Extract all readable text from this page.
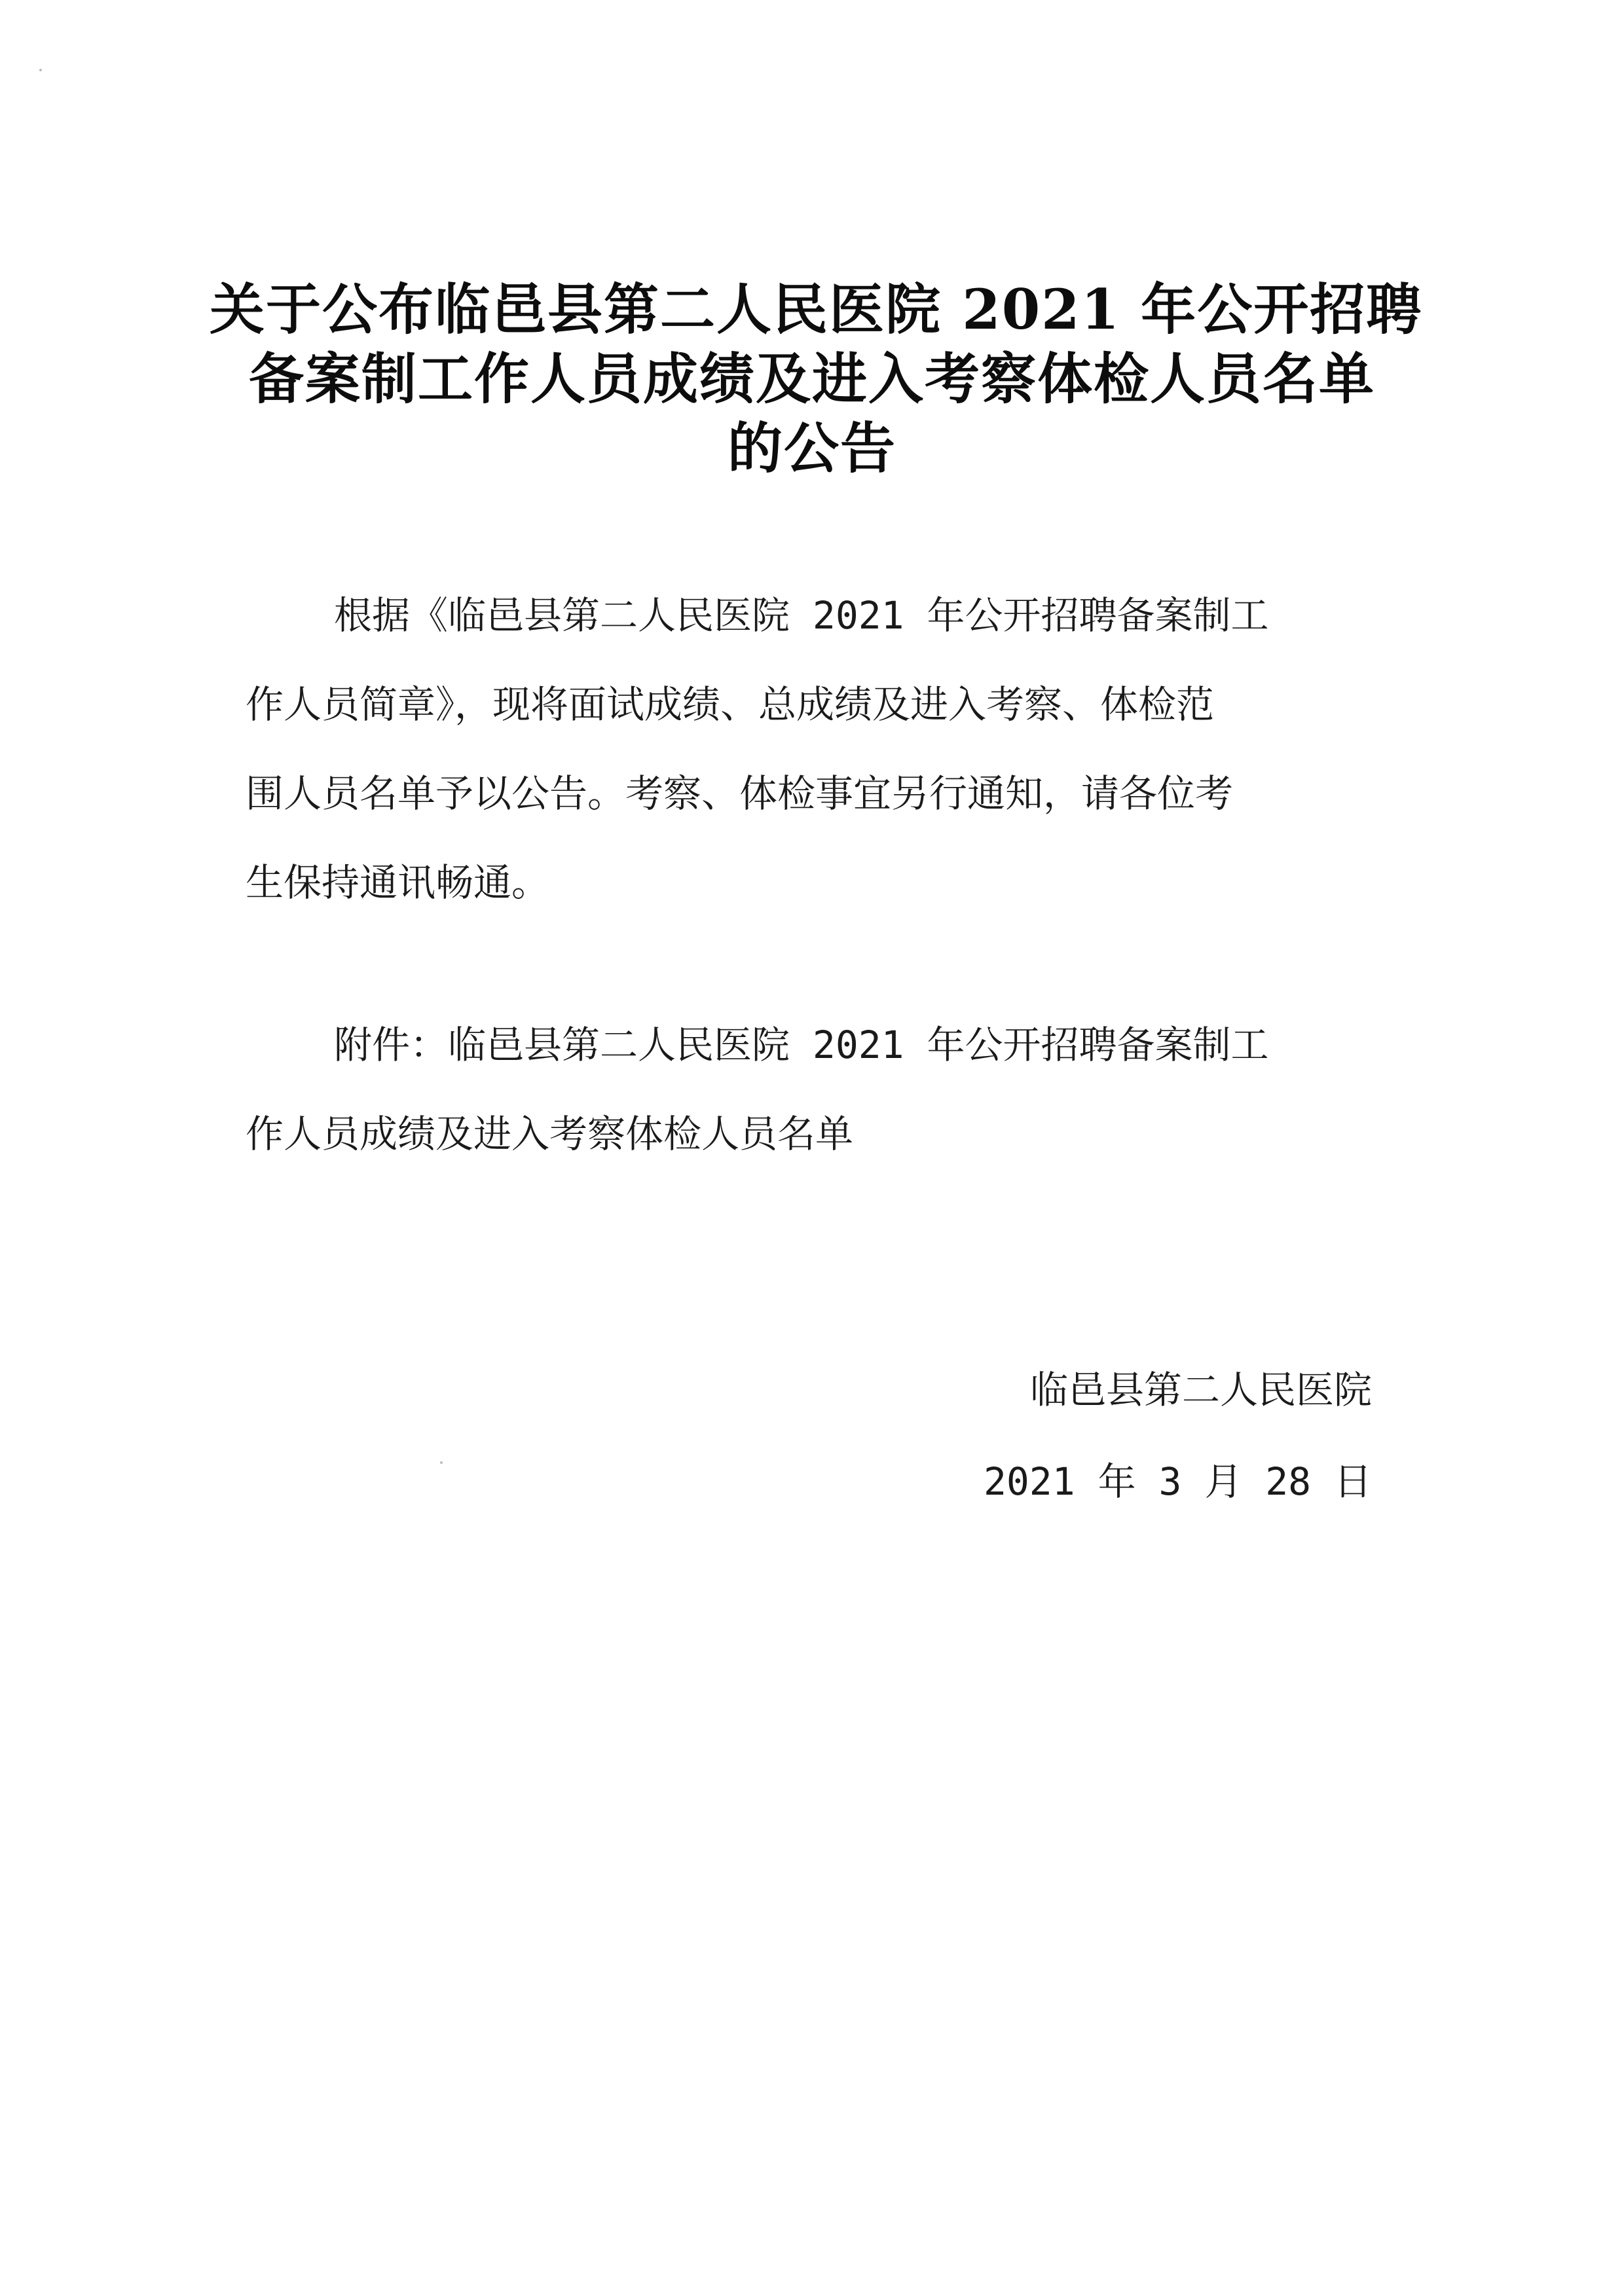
关于公布临邑县第二人民医院 2021 年公开招聘
备案制工作人员成绩及进入考察体检人员名单
的公告
根据《临邑县第二人民医院 2021 年公开招聘备案制工
作人员简章》，现将面试成绩、总成绩及进入考察、体检范
围人员名单予以公告。考察、体检事宜另行通知，请各位考
生保持通讯畅通。
附件：临邑县第二人民医院 2021 年公开招聘备案制工
作人员成绩及进入考察体检人员名单
临邑县第二人民医院
2021 年 3 月 28 日
